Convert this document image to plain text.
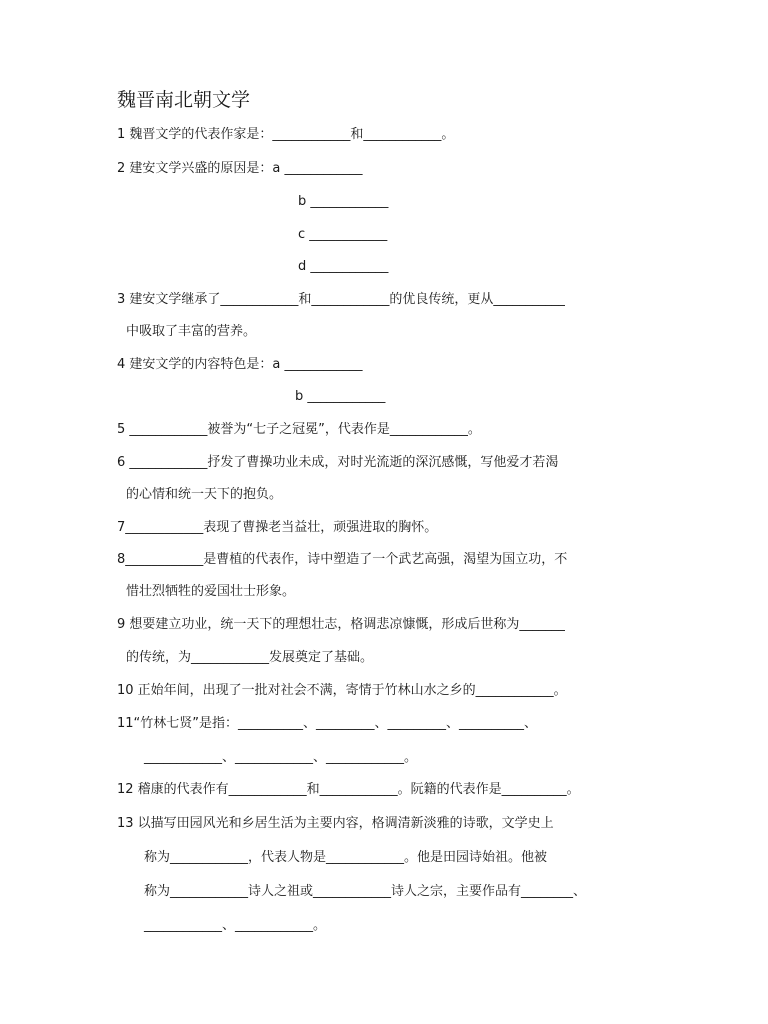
魏晋南北朝文学
1 魏晋文学的代表作家是：____________和____________。
2 建安文学兴盛的原因是：a ____________
b ____________
c ____________
d ____________
3 建安文学继承了____________和____________的优良传统，更从___________
中吸取了丰富的营养。
4 建安文学的内容特色是：a ____________
b ____________
5 ____________被誉为“七子之冠冕”，代表作是____________。
6 ____________抒发了曹操功业未成，对时光流逝的深沉感慨，写他爱才若渴
的心情和统一天下的抱负。
7____________表现了曹操老当益壮，顽强进取的胸怀。
8____________是曹植的代表作，诗中塑造了一个武艺高强，渴望为国立功，不
惜壮烈牺牲的爱国壮士形象。
9 想要建立功业，统一天下的理想壮志，格调悲凉慷慨，形成后世称为_______
的传统，为____________发展奠定了基础。
10 正始年间，出现了一批对社会不满，寄情于竹林山水之乡的____________。
11“竹林七贤”是指：__________、_________、_________、__________、
____________、____________、____________。
12 稽康的代表作有____________和____________。阮籍的代表作是__________。
13 以描写田园风光和乡居生活为主要内容，格调清新淡雅的诗歌，文学史上
称为____________，代表人物是____________。他是田园诗始祖。他被
称为____________诗人之祖或____________诗人之宗，主要作品有________、
____________、____________。
